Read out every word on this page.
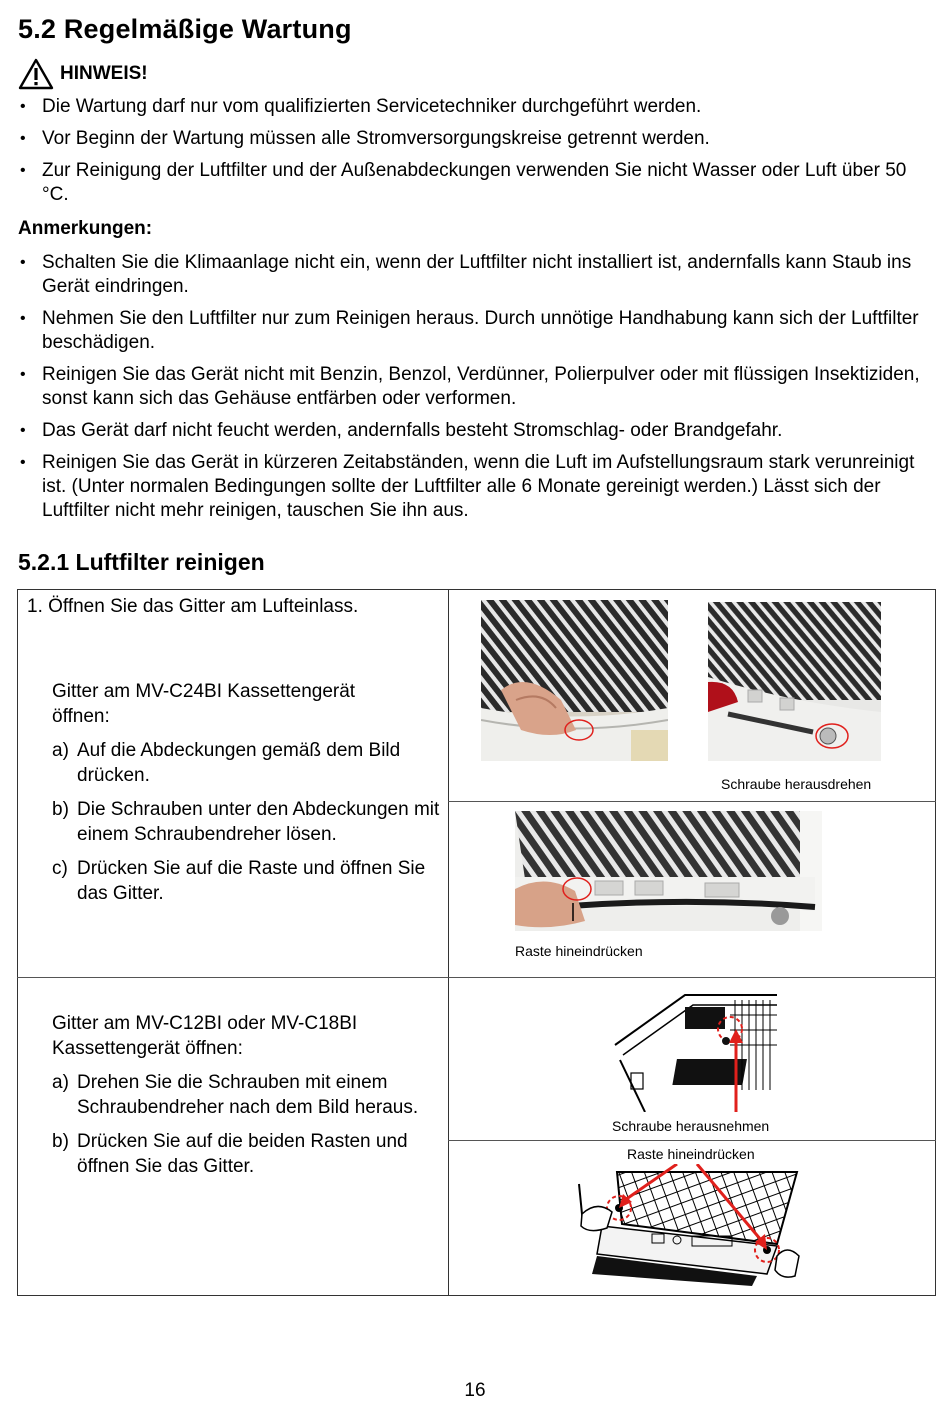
5.2 Regelmäßige Wartung
HINWEIS!
• Die Wartung darf nur vom qualifizierten Servicetechniker durchgeführt werden.
• Vor Beginn der Wartung müssen alle Stromversorgungskreise getrennt werden.
• Zur Reinigung der Luftfilter und der Außenabdeckungen verwenden Sie nicht Wasser oder Luft über 50 °C.
Anmerkungen:
• Schalten Sie die Klimaanlage nicht ein, wenn der Luftfilter nicht installiert ist, andernfalls kann Staub ins Gerät eindringen.
• Nehmen Sie den Luftfilter nur zum Reinigen heraus. Durch unnötige Handhabung kann sich der Luftfilter beschädigen.
• Reinigen Sie das Gerät nicht mit Benzin, Benzol, Verdünner, Polierpulver oder mit flüssigen Insektiziden, sonst kann sich das Gehäuse entfärben oder verformen.
• Das Gerät darf nicht feucht werden, andernfalls besteht Stromschlag- oder Brandgefahr.
• Reinigen Sie das Gerät in kürzeren Zeitabständen, wenn die Luft im Aufstellungsraum stark verunreinigt ist. (Unter normalen Bedingungen sollte der Luftfilter alle 6 Monate gereinigt werden.) Lässt sich der Luftfilter nicht mehr reinigen, tauschen Sie ihn aus.
5.2.1 Luftfilter reinigen
1. Öffnen Sie das Gitter am Lufteinlass.
Gitter am MV-C24BI Kassettengerät öffnen:
a) Auf die Abdeckungen gemäß dem Bild drücken.
b) Die Schrauben unter den Abdeckungen mit einem Schraubendreher lösen.
c) Drücken Sie auf die Raste und öffnen Sie das Gitter.
Gitter am MV-C12BI oder MV-C18BI Kassettengerät öffnen:
a) Drehen Sie die Schrauben mit einem Schraubendreher nach dem Bild heraus.
b) Drücken Sie auf die beiden Rasten und öffnen Sie das Gitter.
Schraube herausdrehen
Raste hineindrücken
Schraube herausnehmen
Raste hineindrücken
16
